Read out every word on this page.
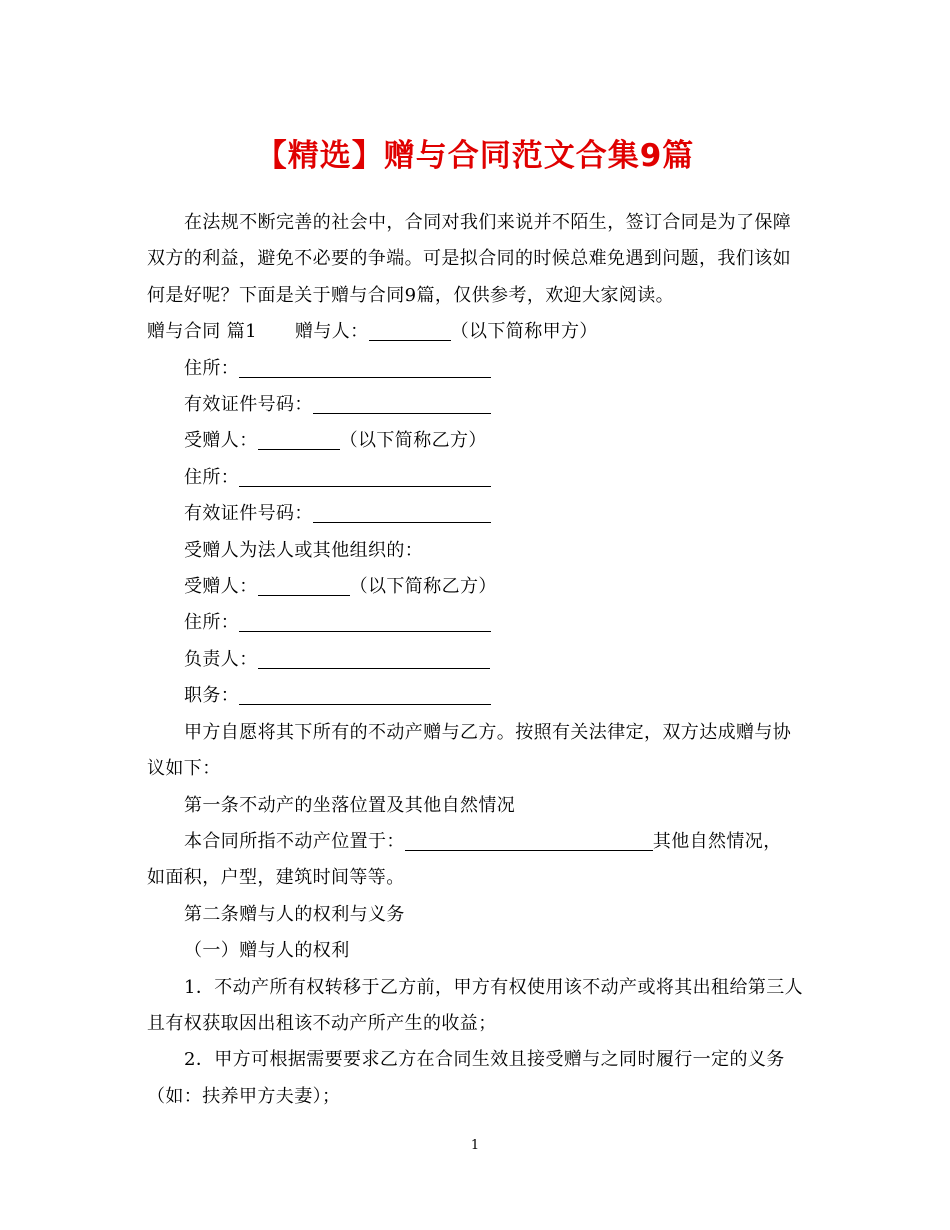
【精选】赠与合同范文合集9篇

在法规不断完善的社会中，合同对我们来说并不陌生，签订合同是为了保障双方的利益，避免不必要的争端。可是拟合同的时候总难免遇到问题，我们该如何是好呢？下面是关于赠与合同9篇，仅供参考，欢迎大家阅读。

赠与合同 篇1 赠与人：	（以下简称甲方）

住所：

有效证件号码：

受赠人：	（以下简称乙方）

住所：

有效证件号码：

受赠人为法人或其他组织的：

受赠人：	（以下简称乙方）

住所：

负责人：

职务：

甲方自愿将其下所有的不动产赠与乙方。按照有关法律定，双方达成赠与协议如下：

第一条不动产的坐落位置及其他自然情况

本合同所指不动产位置于：	其他自然情况，

如面积，户型，建筑时间等等。

第二条赠与人的权利与义务

（一）赠与人的权利

1．不动产所有权转移于乙方前，甲方有权使用该不动产或将其出租给第三人且有权获取因出租该不动产所产生的收益；

2．甲方可根据需要要求乙方在合同生效且接受赠与之同时履行一定的义务（如：扶养甲方夫妻）；

1
